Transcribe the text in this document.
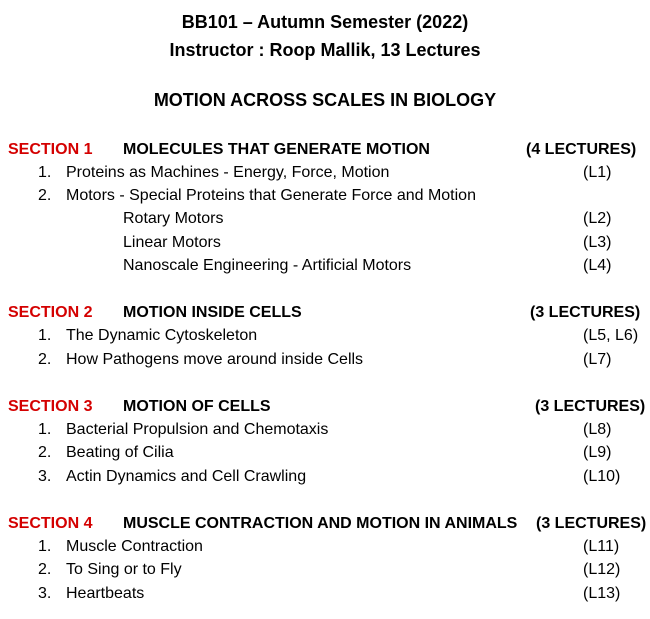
BB101 – Autumn Semester (2022)
Instructor : Roop Mallik, 13 Lectures
MOTION ACROSS SCALES IN BIOLOGY
SECTION 1 MOLECULES THAT GENERATE MOTION	(4 LECTURES)
1. Proteins as Machines - Energy, Force, Motion	(L1)
2. Motors - Special Proteins that Generate Force and Motion
Rotary Motors	(L2)
Linear Motors	(L3)
Nanoscale Engineering - Artificial Motors	(L4)
SECTION 2 MOTION INSIDE CELLS	(3 LECTURES)
1. The Dynamic Cytoskeleton	(L5, L6)
2. How Pathogens move around inside Cells	(L7)
SECTION 3 MOTION OF CELLS	(3 LECTURES)
1. Bacterial Propulsion and Chemotaxis	(L8)
2. Beating of Cilia	(L9)
3. Actin Dynamics and Cell Crawling	(L10)
SECTION 4 MUSCLE CONTRACTION AND MOTION IN ANIMALS (3 LECTURES)
1. Muscle Contraction	(L11)
2. To Sing or to Fly	(L12)
3. Heartbeats	(L13)
